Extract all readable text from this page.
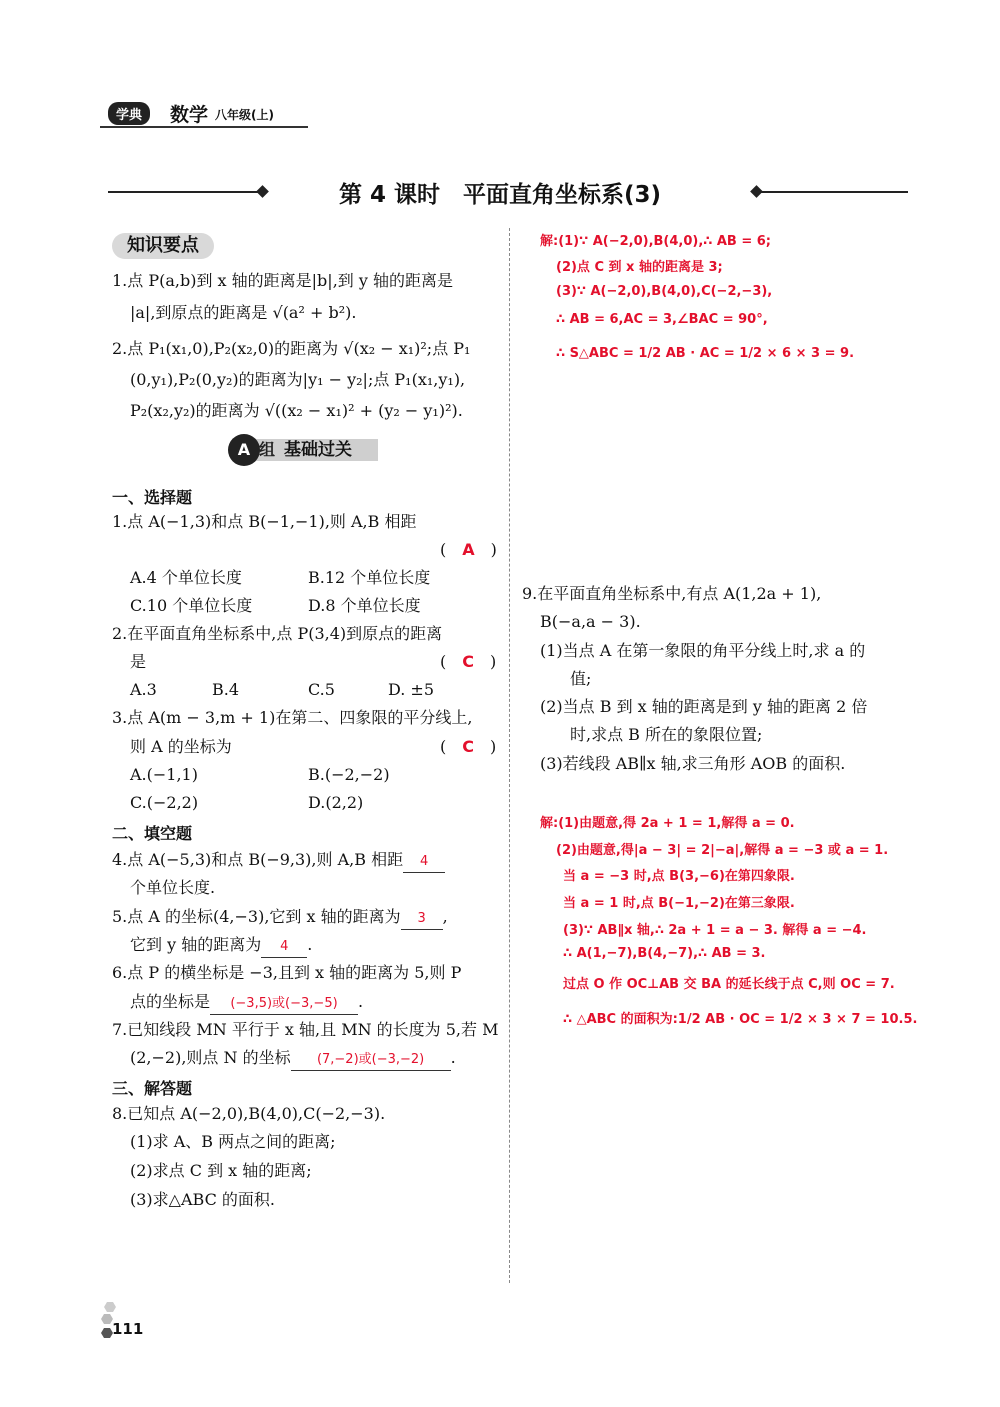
学典	数学 八年级(上)
第 4 课时　平面直角坐标系(3)
知识要点
1.点 P(a,b)到 x 轴的距离是|b|,到 y 轴的距离是
|a|,到原点的距离是 √(a² + b²).
2.点 P₁(x₁,0),P₂(x₂,0)的距离为 √(x₂ − x₁)²;点 P₁
(0,y₁),P₂(0,y₂)的距离为|y₁ − y₂|;点 P₁(x₁,y₁),
P₂(x₂,y₂)的距离为 √((x₂ − x₁)² + (y₂ − y₁)²).
基础过关
A 组
一、选择题
1.点 A(−1,3)和点 B(−1,−1),则 A,B 相距
(　A　)
A.4 个单位长度	B.12 个单位长度
C.10 个单位长度	D.8 个单位长度
2.在平面直角坐标系中,点 P(3,4)到原点的距离
是	(　C　)
A.3	B.4	C.5	D. ±5
3.点 A(m − 3,m + 1)在第二、四象限的平分线上,
则 A 的坐标为	(　C　)
A.(−1,1)	B.(−2,−2)
C.(−2,2)	D.(2,2)
二、填空题
4.点 A(−5,3)和点 B(−9,3),则 A,B 相距 4
个单位长度.
5.点 A 的坐标(4,−3),它到 x 轴的距离为 3 ,
它到 y 轴的距离为 4 .
6.点 P 的横坐标是 −3,且到 x 轴的距离为 5,则 P
点的坐标是 (−3,5)或(−3,−5) .
7.已知线段 MN 平行于 x 轴,且 MN 的长度为 5,若 M
(2,−2),则点 N 的坐标 (7,−2)或(−3,−2) .
三、解答题
8.已知点 A(−2,0),B(4,0),C(−2,−3).
(1)求 A、B 两点之间的距离;
(2)求点 C 到 x 轴的距离;
(3)求△ABC 的面积.
解:(1)∵ A(−2,0),B(4,0),∴ AB = 6;
(2)点 C 到 x 轴的距离是 3;
(3)∵ A(−2,0),B(4,0),C(−2,−3),
∴ AB = 6,AC = 3,∠BAC = 90°,
∴ S△ABC = 1/2 AB · AC = 1/2 × 6 × 3 = 9.
9.在平面直角坐标系中,有点 A(1,2a + 1),
B(−a,a − 3).
(1)当点 A 在第一象限的角平分线上时,求 a 的
值;
(2)当点 B 到 x 轴的距离是到 y 轴的距离 2 倍
时,求点 B 所在的象限位置;
(3)若线段 AB∥x 轴,求三角形 AOB 的面积.
解:(1)由题意,得 2a + 1 = 1,解得 a = 0.
(2)由题意,得|a − 3| = 2|−a|,解得 a = −3 或 a = 1.
当 a = −3 时,点 B(3,−6)在第四象限.
当 a = 1 时,点 B(−1,−2)在第三象限.
(3)∵ AB∥x 轴,∴ 2a + 1 = a − 3. 解得 a = −4.
∴ A(1,−7),B(4,−7),∴ AB = 3.
过点 O 作 OC⊥AB 交 BA 的延长线于点 C,则 OC = 7.
∴ △ABC 的面积为:1/2 AB · OC = 1/2 × 3 × 7 = 10.5.
111
